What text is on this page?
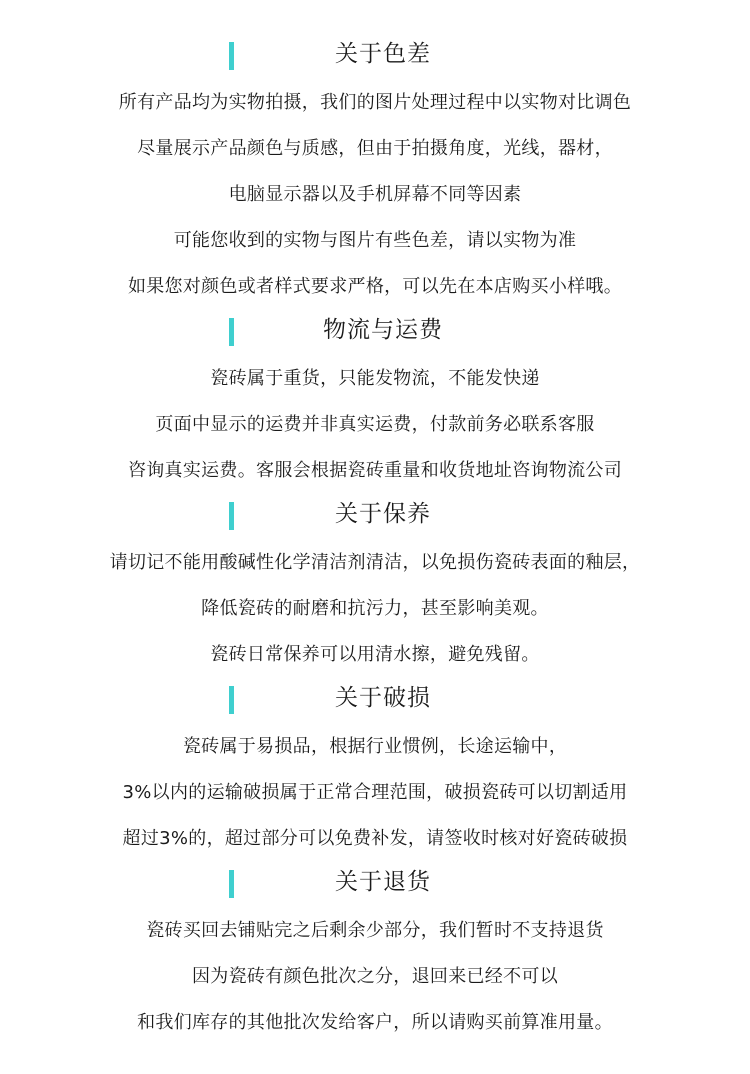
关于色差
所有产品均为实物拍摄，我们的图片处理过程中以实物对比调色
尽量展示产品颜色与质感，但由于拍摄角度，光线，器材，
电脑显示器以及手机屏幕不同等因素
可能您收到的实物与图片有些色差，请以实物为准
如果您对颜色或者样式要求严格，可以先在本店购买小样哦。
物流与运费
瓷砖属于重货，只能发物流，不能发快递
页面中显示的运费并非真实运费，付款前务必联系客服
咨询真实运费。客服会根据瓷砖重量和收货地址咨询物流公司
关于保养
请切记不能用酸碱性化学清洁剂清洁，以免损伤瓷砖表面的釉层，
降低瓷砖的耐磨和抗污力，甚至影响美观。
瓷砖日常保养可以用清水擦，避免残留。
关于破损
瓷砖属于易损品，根据行业惯例，长途运输中，
3%以内的运输破损属于正常合理范围，破损瓷砖可以切割适用
超过3%的，超过部分可以免费补发，请签收时核对好瓷砖破损
关于退货
瓷砖买回去铺贴完之后剩余少部分，我们暂时不支持退货
因为瓷砖有颜色批次之分，退回来已经不可以
和我们库存的其他批次发给客户，所以请购买前算准用量。
